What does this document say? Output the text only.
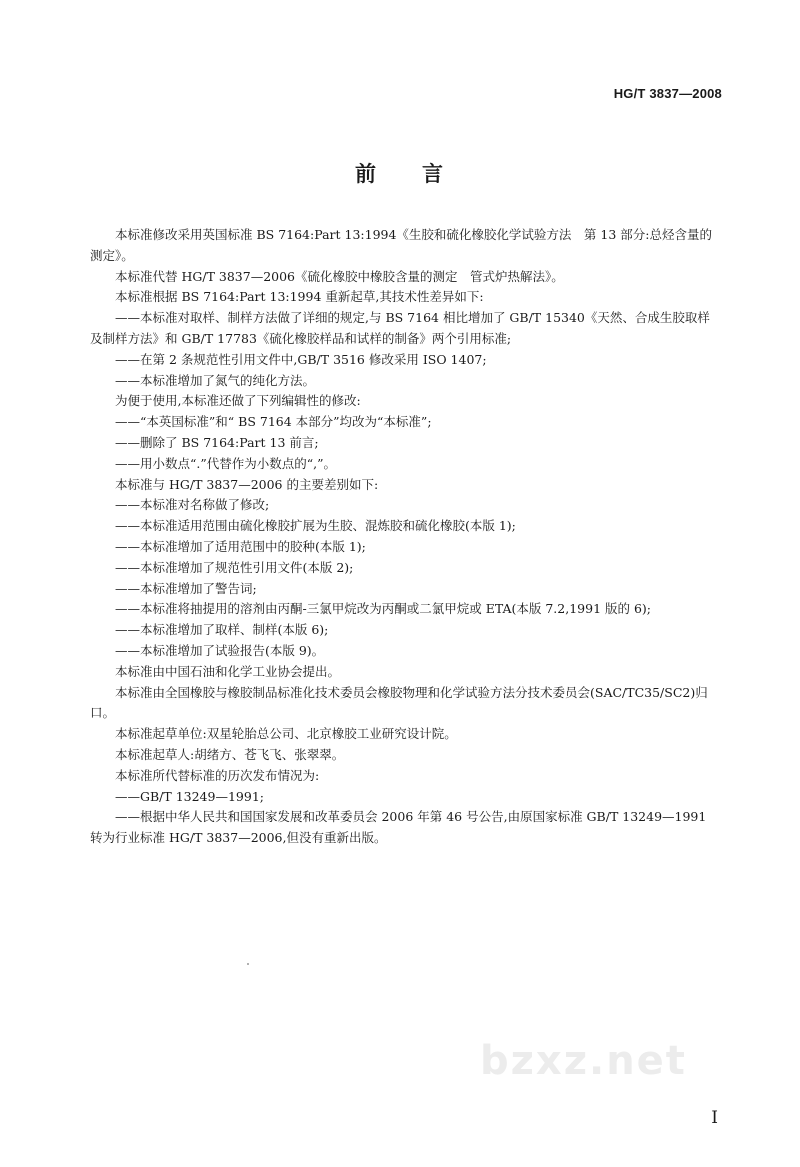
HG/T 3837—2008
前 言

本标准修改采用英国标准 BS 7164:Part 13:1994《生胶和硫化橡胶化学试验方法　第 13 部分:总烃含量的测定》。

本标准代替 HG/T 3837—2006《硫化橡胶中橡胶含量的测定　管式炉热解法》。

本标准根据 BS 7164:Part 13:1994 重新起草,其技术性差异如下:

——本标准对取样、制样方法做了详细的规定,与 BS 7164 相比增加了 GB/T 15340《天然、合成生胶取样及制样方法》和 GB/T 17783《硫化橡胶样品和试样的制备》两个引用标准;

——在第 2 条规范性引用文件中,GB/T 3516 修改采用 ISO 1407;

——本标准增加了氮气的纯化方法。

为便于使用,本标准还做了下列编辑性的修改:

——“本英国标准”和“ BS 7164 本部分”均改为“本标准”;

——删除了 BS 7164:Part 13 前言;

——用小数点“.”代替作为小数点的“,”。

本标准与 HG/T 3837—2006 的主要差别如下:

——本标准对名称做了修改;

——本标准适用范围由硫化橡胶扩展为生胶、混炼胶和硫化橡胶(本版 1);

——本标准增加了适用范围中的胶种(本版 1);

——本标准增加了规范性引用文件(本版 2);

——本标准增加了警告词;

——本标准将抽提用的溶剂由丙酮-三氯甲烷改为丙酮或二氯甲烷或 ETA(本版 7.2,1991 版的 6);

——本标准增加了取样、制样(本版 6);

——本标准增加了试验报告(本版 9)。

本标准由中国石油和化学工业协会提出。

本标准由全国橡胶与橡胶制品标准化技术委员会橡胶物理和化学试验方法分技术委员会(SAC/TC35/SC2)归口。

本标准起草单位:双星轮胎总公司、北京橡胶工业研究设计院。

本标准起草人:胡绪方、苍飞飞、张翠翠。

本标准所代替标准的历次发布情况为:

——GB/T 13249—1991;

——根据中华人民共和国国家发展和改革委员会 2006 年第 46 号公告,由原国家标准 GB/T 13249—1991 转为行业标准 HG/T 3837—2006,但没有重新出版。

bzxz.net
I
